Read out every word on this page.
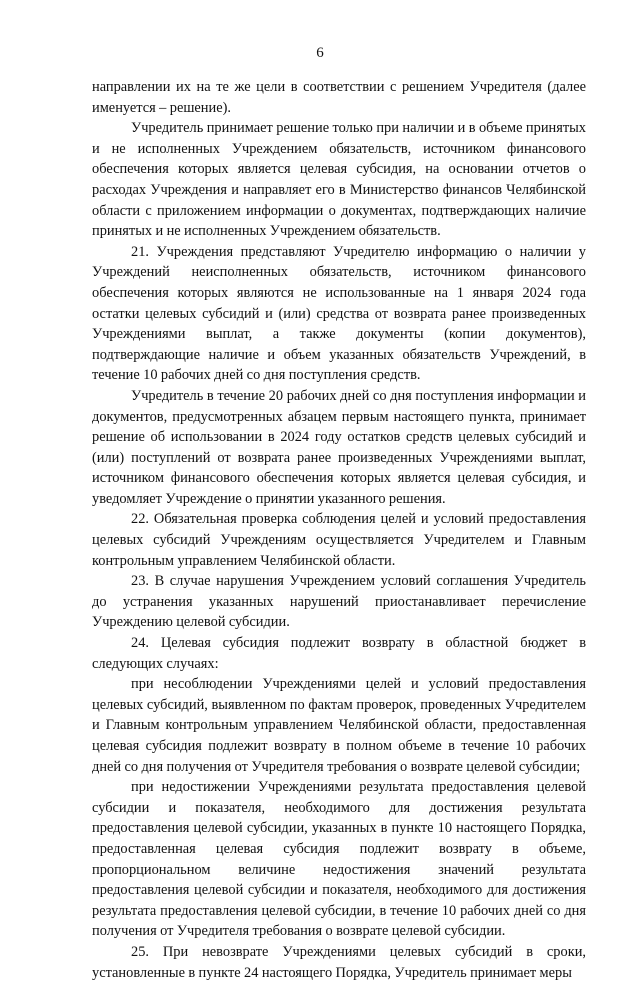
6

направлении их на те же цели в соответствии с решением Учредителя (далее именуется – решение).

Учредитель принимает решение только при наличии и в объеме принятых и не исполненных Учреждением обязательств, источником финансового обеспечения которых является целевая субсидия, на основании отчетов о расходах Учреждения и направляет его в Министерство финансов Челябинской области с приложением информации о документах, подтверждающих наличие принятых и не исполненных Учреждением обязательств.

21. Учреждения представляют Учредителю информацию о наличии у Учреждений неисполненных обязательств, источником финансового обеспечения которых являются не использованные на 1 января 2024 года остатки целевых субсидий и (или) средства от возврата ранее произведенных Учреждениями выплат, а также документы (копии документов), подтверждающие наличие и объем указанных обязательств Учреждений, в течение 10 рабочих дней со дня поступления средств.

Учредитель в течение 20 рабочих дней со дня поступления информации и документов, предусмотренных абзацем первым настоящего пункта, принимает решение об использовании в 2024 году остатков средств целевых субсидий и (или) поступлений от возврата ранее произведенных Учреждениями выплат, источником финансового обеспечения которых является целевая субсидия, и уведомляет Учреждение о принятии указанного решения.

22. Обязательная проверка соблюдения целей и условий предоставления целевых субсидий Учреждениям осуществляется Учредителем и Главным контрольным управлением Челябинской области.

23. В случае нарушения Учреждением условий соглашения Учредитель до устранения указанных нарушений приостанавливает перечисление Учреждению целевой субсидии.

24. Целевая субсидия подлежит возврату в областной бюджет в следующих случаях:

при несоблюдении Учреждениями целей и условий предоставления целевых субсидий, выявленном по фактам проверок, проведенных Учредителем и Главным контрольным управлением Челябинской области, предоставленная целевая субсидия подлежит возврату в полном объеме в течение 10 рабочих дней со дня получения от Учредителя требования о возврате целевой субсидии;

при недостижении Учреждениями результата предоставления целевой субсидии и показателя, необходимого для достижения результата предоставления целевой субсидии, указанных в пункте 10 настоящего Порядка, предоставленная целевая субсидия подлежит возврату в объеме, пропорциональном величине недостижения значений результата предоставления целевой субсидии и показателя, необходимого для достижения результата предоставления целевой субсидии, в течение 10 рабочих дней со дня получения от Учредителя требования о возврате целевой субсидии.

25. При невозврате Учреждениями целевых субсидий в сроки, установленные в пункте 24 настоящего Порядка, Учредитель принимает меры
